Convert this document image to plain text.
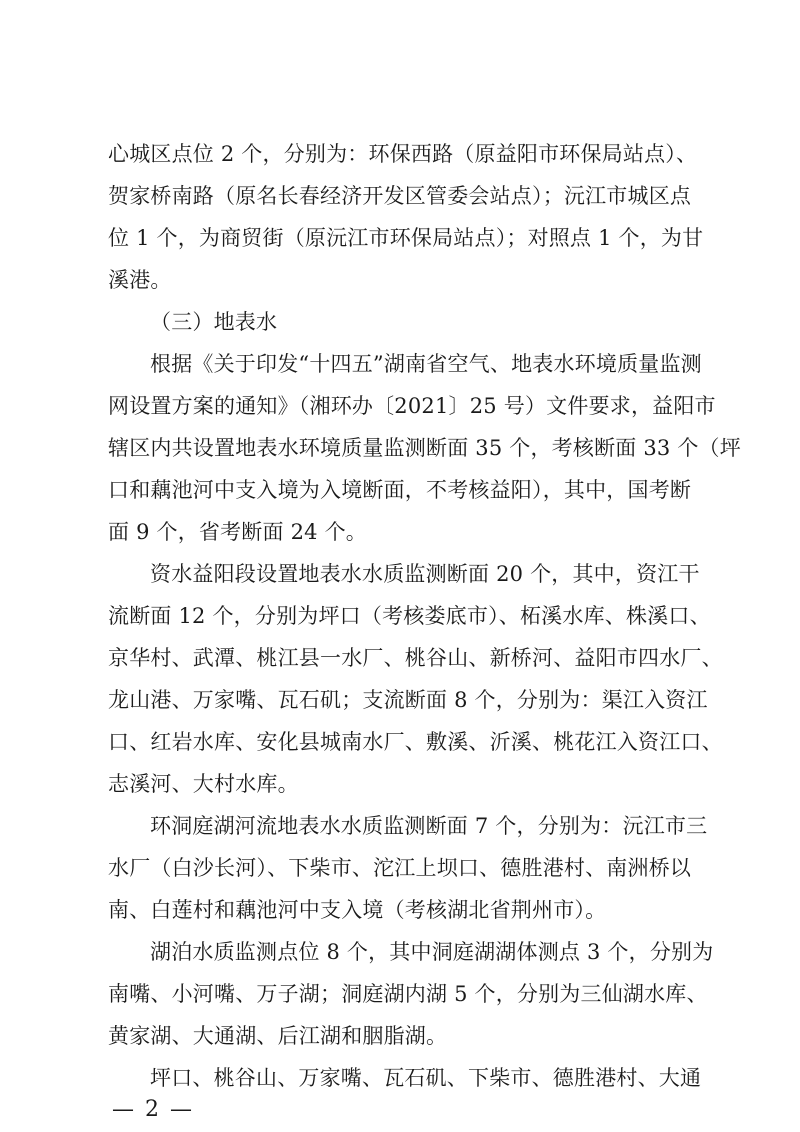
心城区点位 2 个，分别为：环保西路（原益阳市环保局站点）、
贺家桥南路（原名长春经济开发区管委会站点）；沅江市城区点
位 1 个，为商贸街（原沅江市环保局站点）；对照点 1 个，为甘
溪港。
（三）地表水
根据《关于印发“十四五”湖南省空气、地表水环境质量监测
网设置方案的通知》（湘环办〔2021〕25 号）文件要求，益阳市
辖区内共设置地表水环境质量监测断面 35 个，考核断面 33 个（坪
口和藕池河中支入境为入境断面，不考核益阳），其中，国考断
面 9 个，省考断面 24 个。
资水益阳段设置地表水水质监测断面 20 个，其中，资江干
流断面 12 个，分别为坪口（考核娄底市）、柘溪水库、株溪口、
京华村、武潭、桃江县一水厂、桃谷山、新桥河、益阳市四水厂、
龙山港、万家嘴、瓦石矶；支流断面 8 个，分别为：渠江入资江
口、红岩水库、安化县城南水厂、敷溪、沂溪、桃花江入资江口、
志溪河、大村水库。
环洞庭湖河流地表水水质监测断面 7 个，分别为：沅江市三
水厂（白沙长河）、下柴市、沱江上坝口、德胜港村、南洲桥以
南、白莲村和藕池河中支入境（考核湖北省荆州市）。
湖泊水质监测点位 8 个，其中洞庭湖湖体测点 3 个，分别为
南嘴、小河嘴、万子湖；洞庭湖内湖 5 个，分别为三仙湖水库、
黄家湖、大通湖、后江湖和胭脂湖。
坪口、桃谷山、万家嘴、瓦石矶、下柴市、德胜港村、大通
— 2 —
